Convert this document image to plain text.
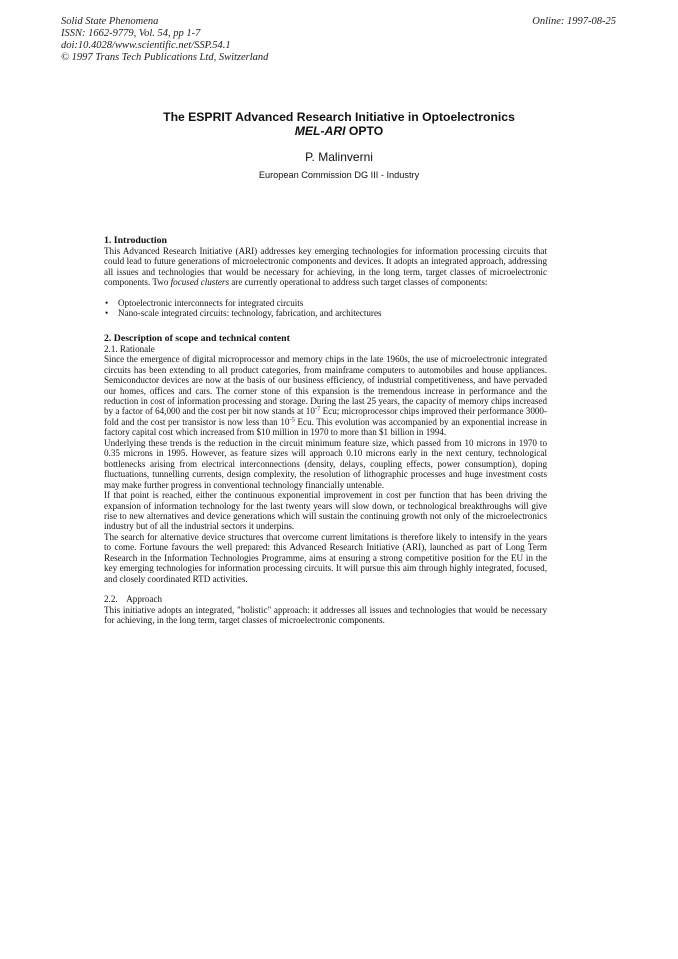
Solid State Phenomena
ISSN: 1662-9779, Vol. 54, pp 1-7
doi:10.4028/www.scientific.net/SSP.54.1
© 1997 Trans Tech Publications Ltd, Switzerland
Online: 1997-08-25
The ESPRIT Advanced Research Initiative in Optoelectronics
MEL-ARI OPTO
P. Malinverni
European Commission DG III - Industry
1. Introduction

This Advanced Research Initiative (ARI) addresses key emerging technologies for information processing circuits that could lead to future generations of microelectronic components and devices. It adopts an integrated approach, addressing all issues and technologies that would be necessary for achieving, in the long term, target classes of microelectronic components. Two focused clusters are currently operational to address such target classes of components:

• Optoelectronic interconnects for integrated circuits
• Nano-scale integrated circuits: technology, fabrication, and architectures
2. Description of scope and technical content
2.1. Rationale

Since the emergence of digital microprocessor and memory chips in the late 1960s, the use of microelectronic integrated circuits has been extending to all product categories, from mainframe computers to automobiles and house appliances. Semiconductor devices are now at the basis of our business efficiency, of industrial competitiveness, and have pervaded our homes, offices and cars. The corner stone of this expansion is the tremendous increase in performance and the reduction in cost of information processing and storage. During the last 25 years, the capacity of memory chips increased by a factor of 64,000 and the cost per bit now stands at $10^{-7}$ Ecu; microprocessor chips improved their performance 3000-fold and the cost per transistor is now less than $10^{-5}$ Ecu. This evolution was accompanied by an exponential increase in factory capital cost which increased from $10 million in 1970 to more than $1 billion in 1994.

Underlying these trends is the reduction in the circuit minimum feature size, which passed from 10 microns in 1970 to 0.35 microns in 1995. However, as feature sizes will approach 0.10 microns early in the next century, technological bottlenecks arising from electrical interconnections (density, delays, coupling effects, power consumption), doping fluctuations, tunnelling currents, design complexity, the resolution of lithographic processes and huge investment costs may make further progress in conventional technology financially untenable.

If that point is reached, either the continuous exponential improvement in cost per function that has been driving the expansion of information technology for the last twenty years will slow down, or technological breakthroughs will give rise to new alternatives and device generations which will sustain the continuing growth not only of the microelectronics industry but of all the industrial sectors it underpins.

The search for alternative device structures that overcome current limitations is therefore likely to intensify in the years to come. Fortune favours the well prepared: this Advanced Research Initiative (ARI), launched as part of Long Term Research in the Information Technologies Programme, aims at ensuring a strong competitive position for the EU in the key emerging technologies for information processing circuits. It will pursue this aim through highly integrated, focused, and closely coordinated RTD activities.

2.2.    Approach

This initiative adopts an integrated, "holistic" approach: it addresses all issues and technologies that would be necessary for achieving, in the long term, target classes of microelectronic components.
